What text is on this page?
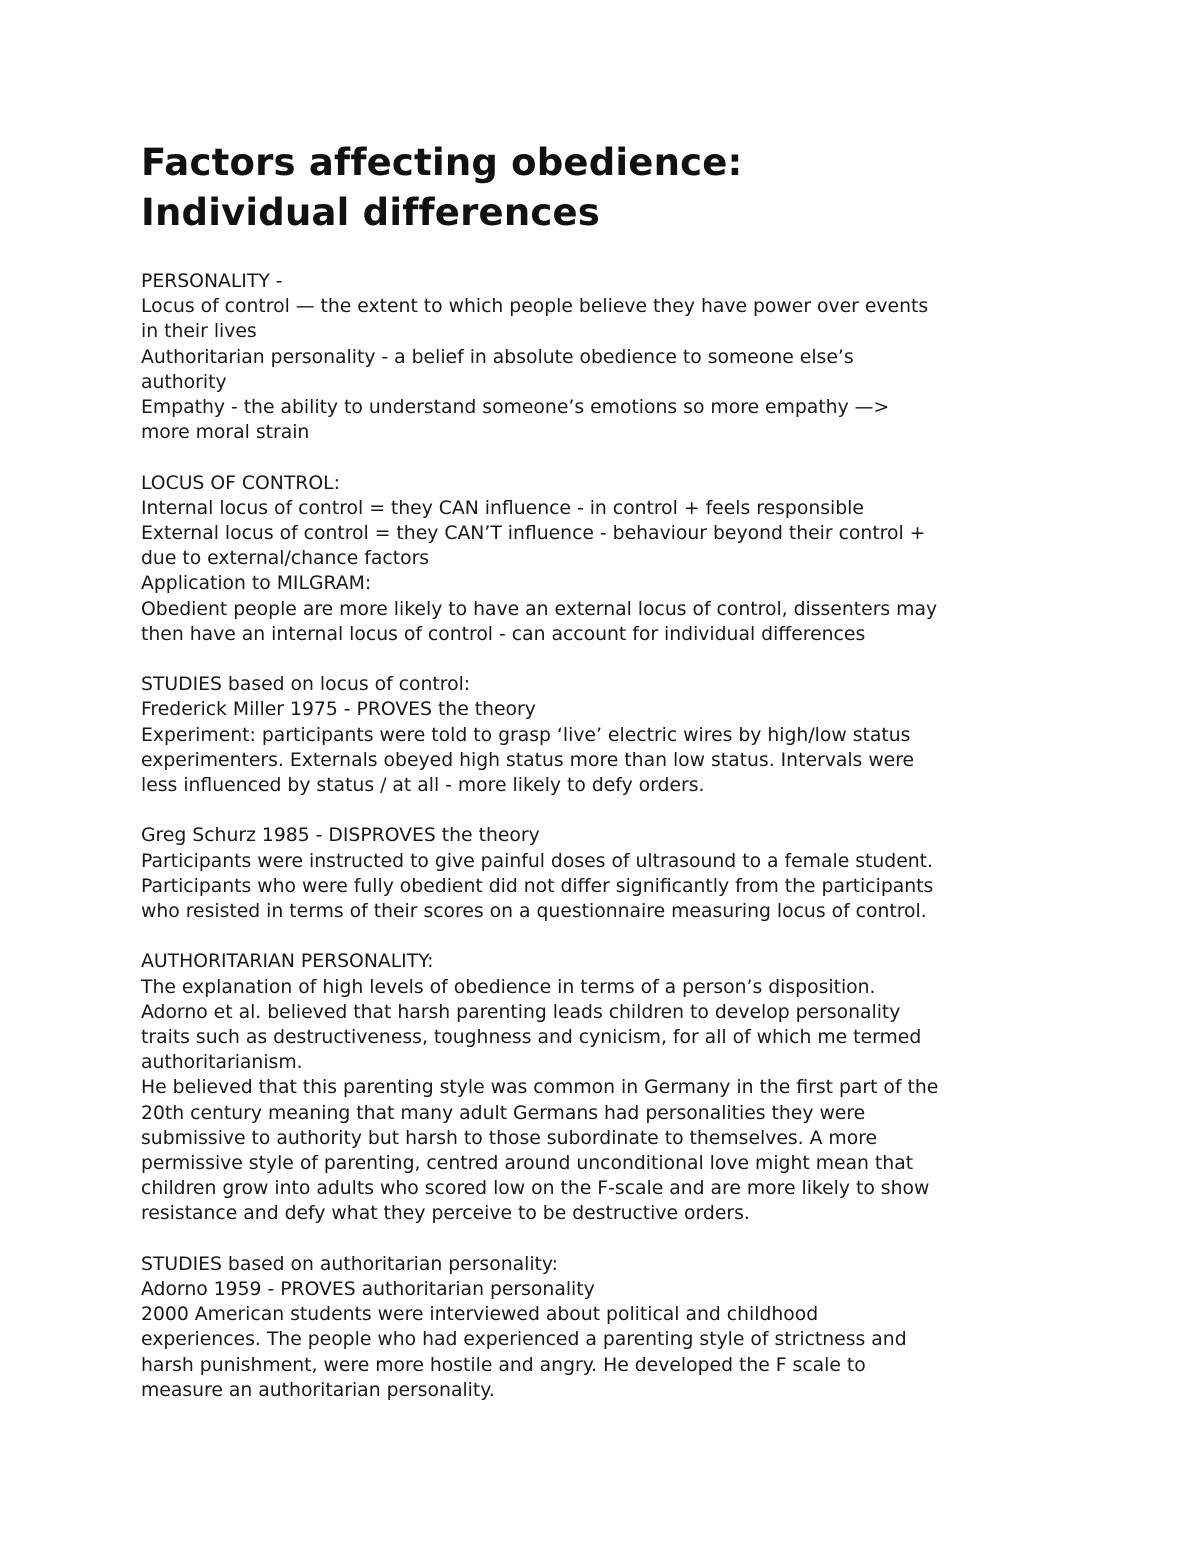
Factors affecting obedience:
Individual differences
PERSONALITY -
Locus of control — the extent to which people believe they have power over events
in their lives
Authoritarian personality - a belief in absolute obedience to someone else’s
authority
Empathy - the ability to understand someone’s emotions so more empathy —>
more moral strain
LOCUS OF CONTROL:
Internal locus of control = they CAN influence - in control + feels responsible
External locus of control = they CAN’T influence - behaviour beyond their control +
due to external/chance factors
Application to MILGRAM:
Obedient people are more likely to have an external locus of control, dissenters may
then have an internal locus of control - can account for individual differences
STUDIES based on locus of control:
Frederick Miller 1975 - PROVES the theory
Experiment: participants were told to grasp ‘live’ electric wires by high/low status
experimenters. Externals obeyed high status more than low status. Intervals were
less influenced by status / at all - more likely to defy orders.
Greg Schurz 1985 - DISPROVES the theory
Participants were instructed to give painful doses of ultrasound to a female student.
Participants who were fully obedient did not differ significantly from the participants
who resisted in terms of their scores on a questionnaire measuring locus of control.
AUTHORITARIAN PERSONALITY:
The explanation of high levels of obedience in terms of a person’s disposition.
Adorno et al. believed that harsh parenting leads children to develop personality
traits such as destructiveness, toughness and cynicism, for all of which me termed
authoritarianism.
He believed that this parenting style was common in Germany in the first part of the
20th century meaning that many adult Germans had personalities they were
submissive to authority but harsh to those subordinate to themselves. A more
permissive style of parenting, centred around unconditional love might mean that
children grow into adults who scored low on the F-scale and are more likely to show
resistance and defy what they perceive to be destructive orders.
STUDIES based on authoritarian personality:
Adorno 1959 - PROVES authoritarian personality
2000 American students were interviewed about political and childhood
experiences. The people who had experienced a parenting style of strictness and
harsh punishment, were more hostile and angry. He developed the F scale to
measure an authoritarian personality.
